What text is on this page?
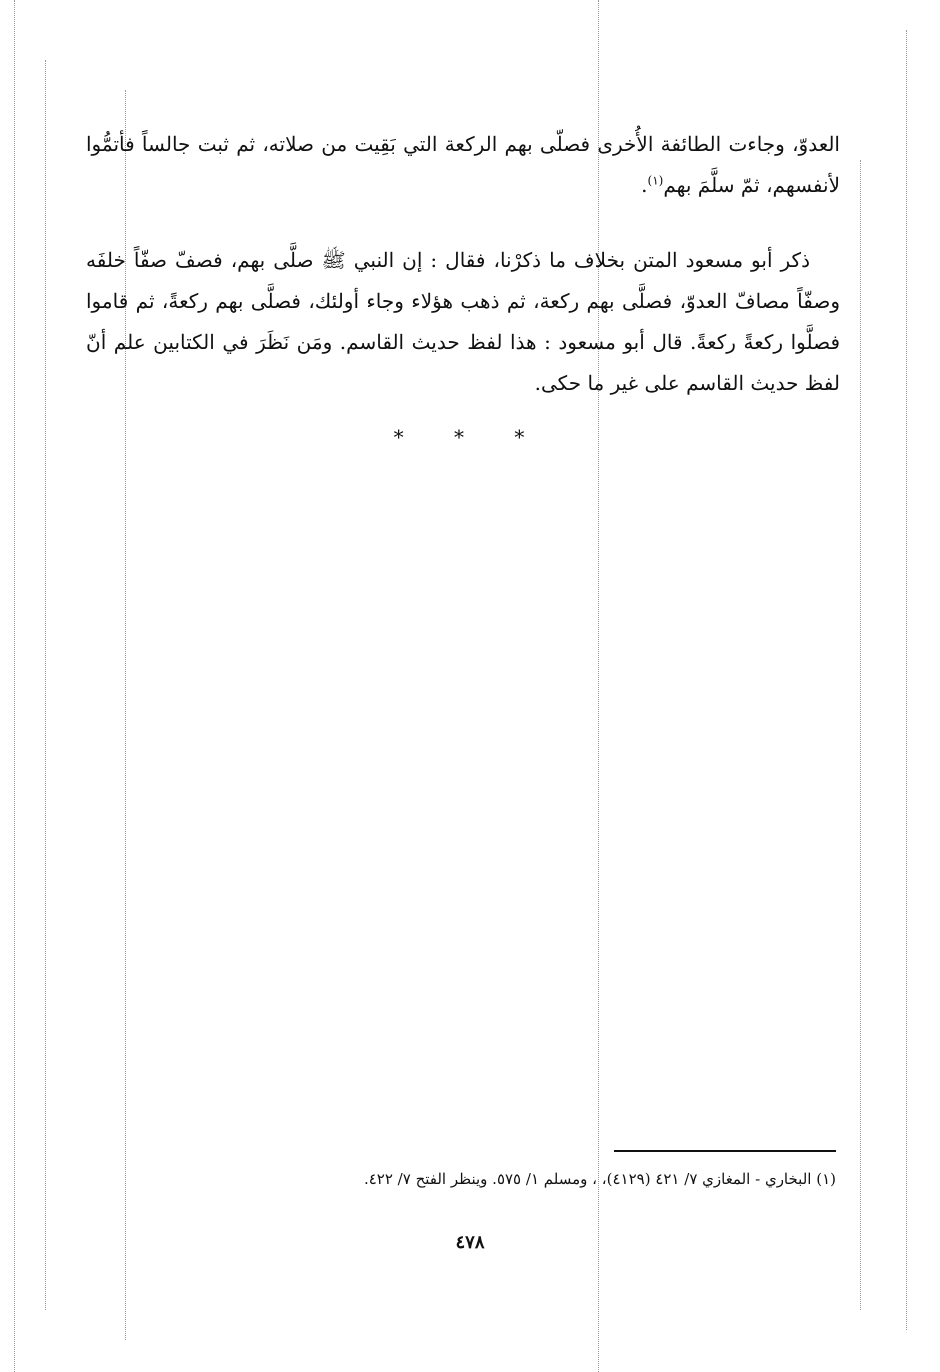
العدوّ، وجاءت الطائفة الأُخرى فصلّى بهم الركعة التي بَقِيت من صلاته، ثم ثبت جالساً فأتمُّوا لأنفسهم، ثمّ سلَّمَ بهم$^{(١)}$.

ذكر أبو مسعود المتن بخلاف ما ذكرْنا، فقال : إن النبي ﷺ صلَّى بهم، فصفّ صفّاً خلفَه وصفّاً مصافّ العدوّ، فصلَّى بهم ركعة، ثم ذهب هؤلاء وجاء أولئك، فصلَّى بهم ركعةً، ثم قاموا فصلَّوا ركعةً ركعةً. قال أبو مسعود : هذا لفظ حديث القاسم. ومَن نَظَرَ في الكتابين علم أنّ لفظ حديث القاسم على غير ما حكى.

* * *
(١) البخاري - المغازي ٧/ ٤٢١ (٤١٢٩)، ، ومسلم ١/ ٥٧٥. وينظر الفتح ٧/ ٤٢٢.
٤٧٨
